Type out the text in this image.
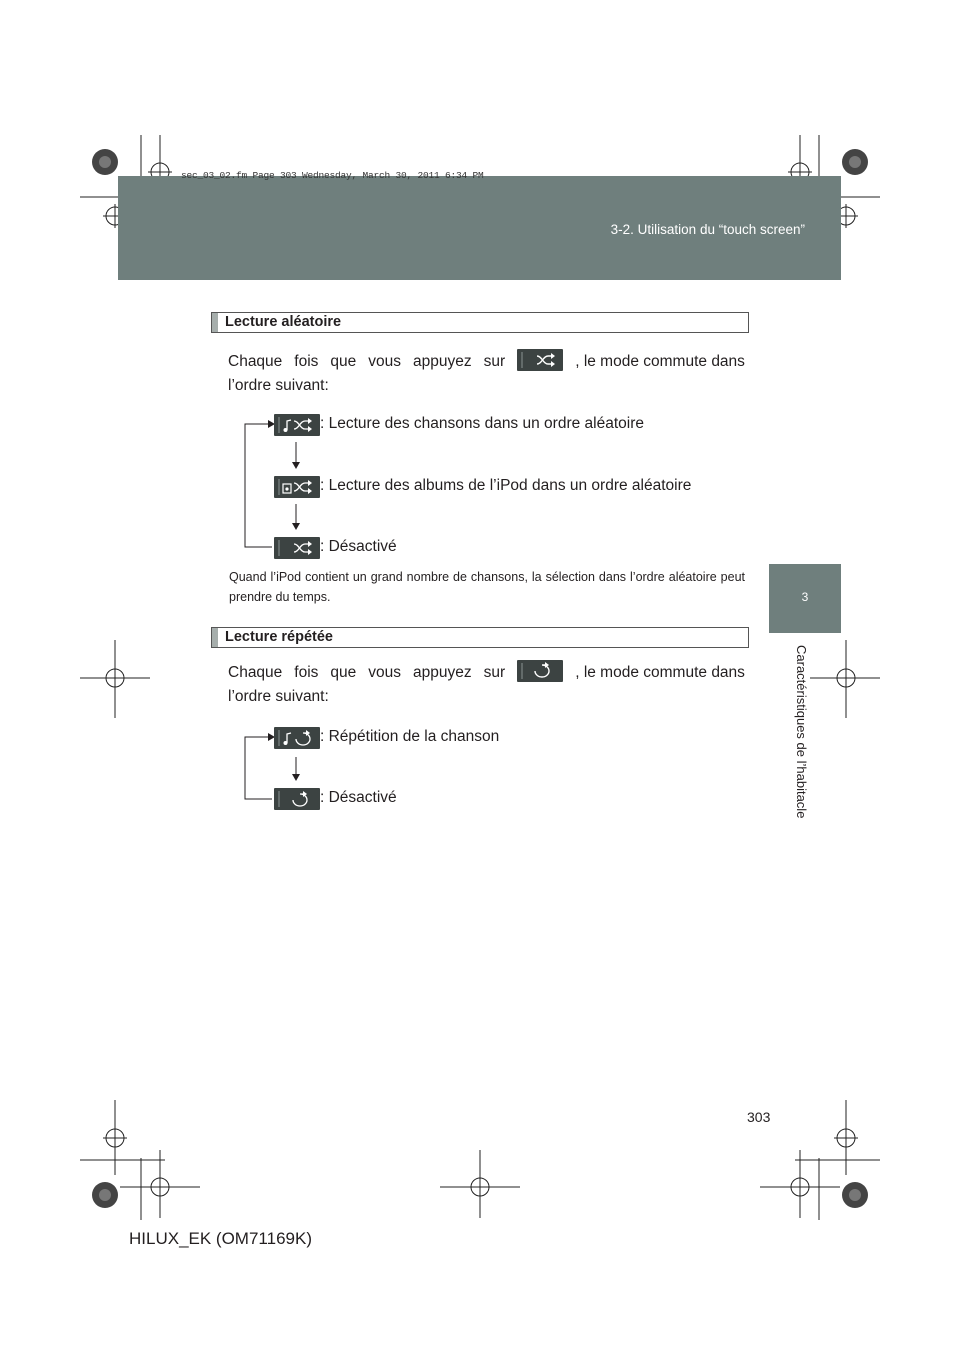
sec_03_02.fm Page 303 Wednesday, March 30, 2011 6:34 PM
3-2. Utilisation du “touch screen”
3
Caractéristiques de l’habitacle
Lecture aléatoire
Chaque fois que vous appuyez sur	, le mode commute dans
l’ordre suivant:
: Lecture des chansons dans un ordre aléatoire
: Lecture des albums de l’iPod dans un ordre aléatoire
: Désactivé
Quand l’iPod contient un grand nombre de chansons, la sélection dans l’ordre aléatoire peut prendre du temps.
Lecture répétée
Chaque fois que vous appuyez sur	, le mode commute dans
l’ordre suivant:
: Répétition de la chanson
: Désactivé
303
HILUX_EK (OM71169K)
